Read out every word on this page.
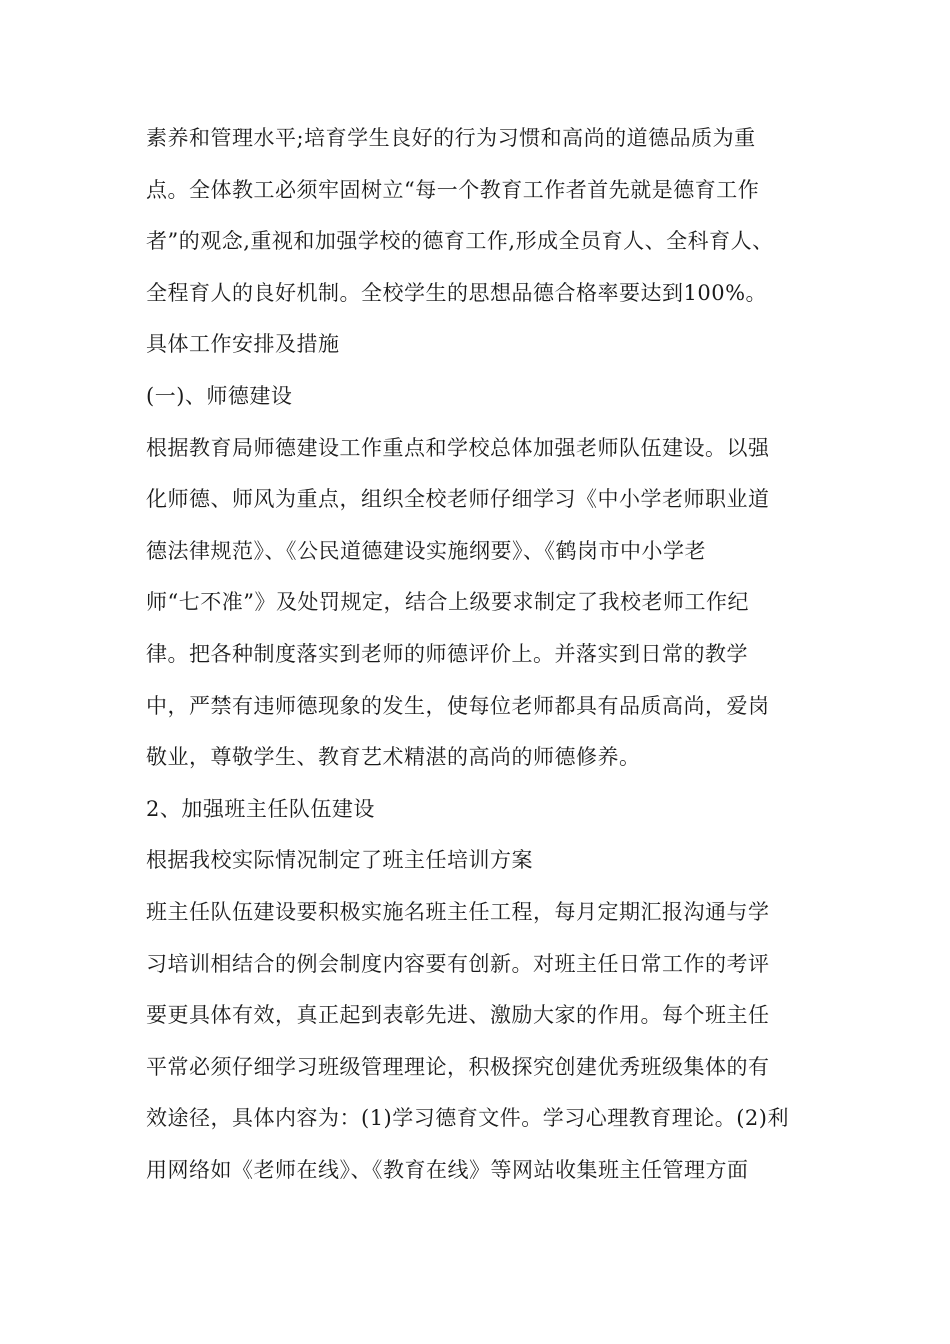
素养和管理水平;培育学生良好的行为习惯和高尚的道德品质为重
点。全体教工必须牢固树立“每一个教育工作者首先就是德育工作
者”的观念,重视和加强学校的德育工作,形成全员育人、全科育人、
全程育人的良好机制。全校学生的思想品德合格率要达到100%。
具体工作安排及措施
(一)、师德建设
根据教育局师德建设工作重点和学校总体加强老师队伍建设。以强
化师德、师风为重点，组织全校老师仔细学习《中小学老师职业道
德法律规范》、《公民道德建设实施纲要》、《鹤岗市中小学老
师“七不准”》及处罚规定，结合上级要求制定了我校老师工作纪
律。把各种制度落实到老师的师德评价上。并落实到日常的教学
中，严禁有违师德现象的发生，使每位老师都具有品质高尚，爱岗
敬业，尊敬学生、教育艺术精湛的高尚的师德修养。
2、加强班主任队伍建设
根据我校实际情况制定了班主任培训方案
班主任队伍建设要积极实施名班主任工程，每月定期汇报沟通与学
习培训相结合的例会制度内容要有创新。对班主任日常工作的考评
要更具体有效，真正起到表彰先进、激励大家的作用。每个班主任
平常必须仔细学习班级管理理论，积极探究创建优秀班级集体的有
效途径，具体内容为：(1)学习德育文件。学习心理教育理论。(2)利
用网络如《老师在线》、《教育在线》等网站收集班主任管理方面
